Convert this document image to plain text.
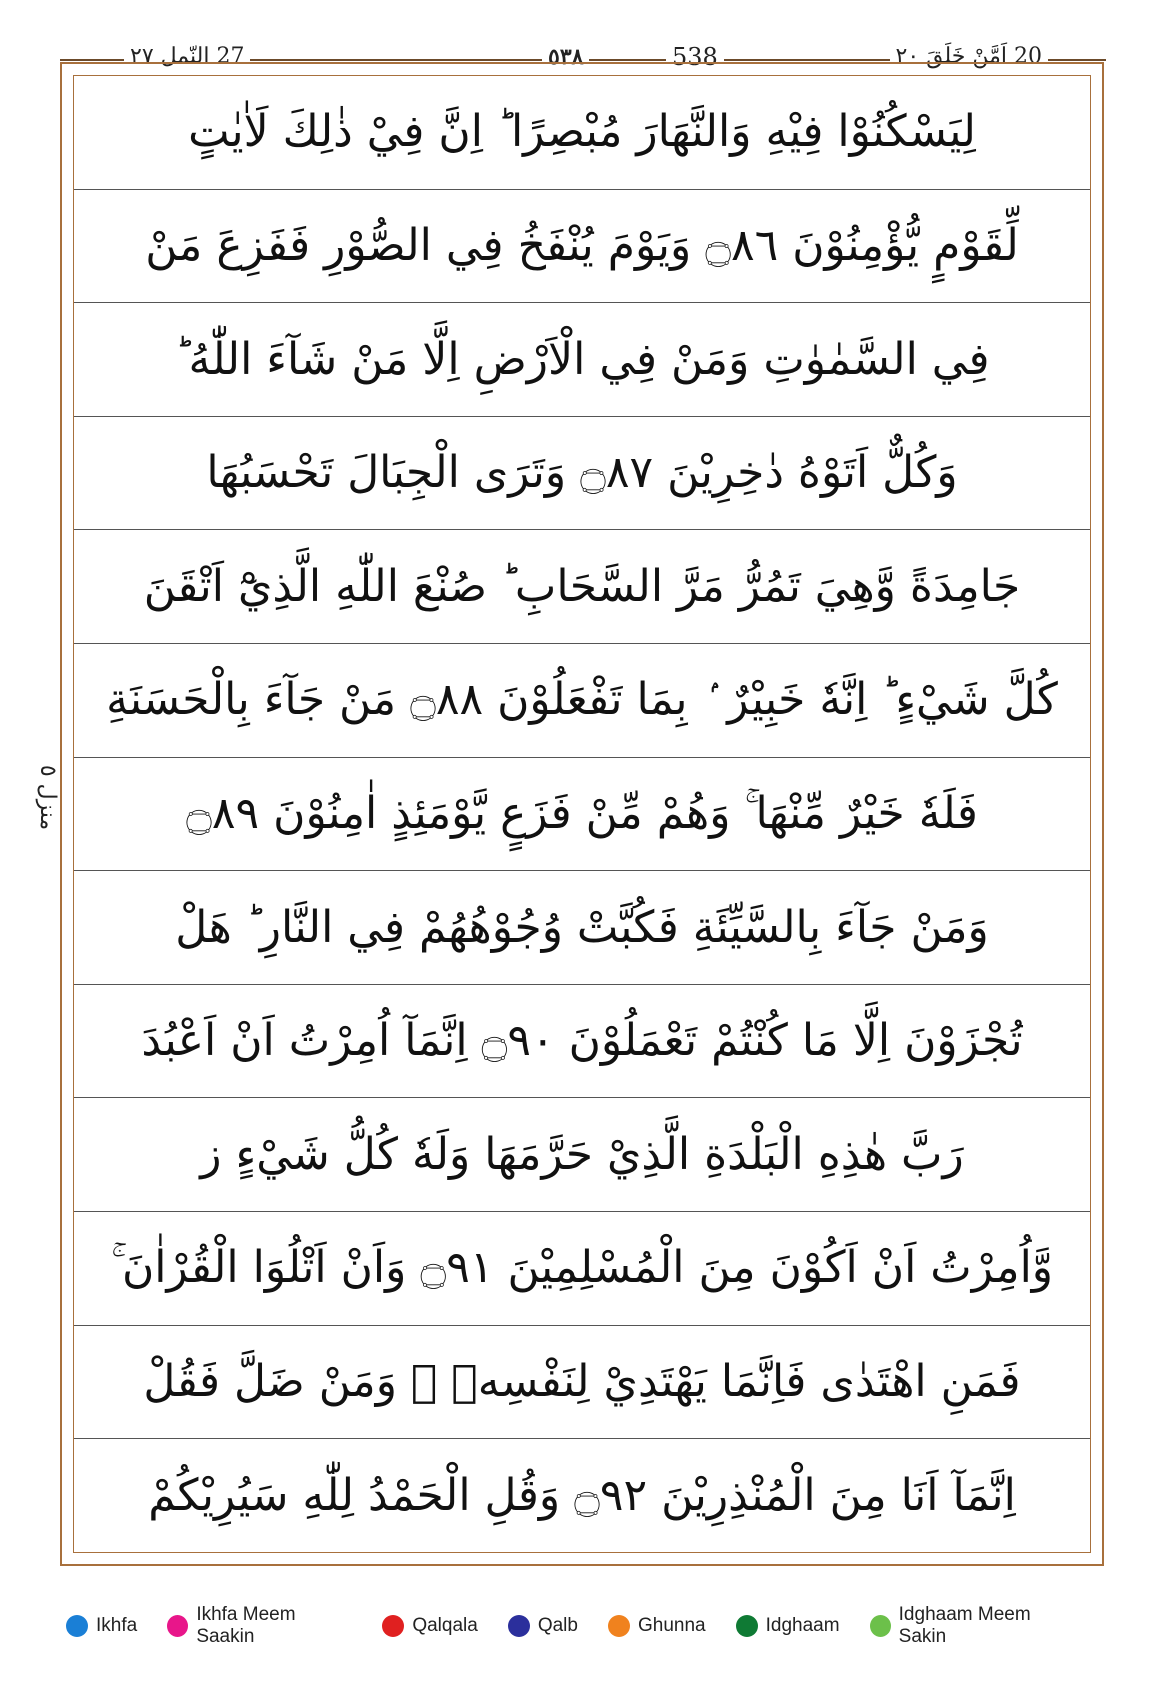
20 اَمَّنْ خَلَقَ ٢٠
٥٣٨	538
27 النّمل ٢٧
لِيَسْكُنُوْا فِيْهِ وَالنَّهَارَ مُبْصِرًا ؕ اِنَّ فِيْ ذٰلِكَ لَاٰيٰتٍ
لِّقَوْمٍ يُّؤْمِنُوْنَ ۝٨٦ وَيَوْمَ يُنْفَخُ فِي الصُّوْرِ فَفَزِعَ مَنْ
فِي السَّمٰوٰتِ وَمَنْ فِي الْاَرْضِ اِلَّا مَنْ شَآءَ اللّٰهُ ؕ
وَكُلٌّ اَتَوْهُ دٰخِرِيْنَ ۝٨٧ وَتَرَى الْجِبَالَ تَحْسَبُهَا
جَامِدَةً وَّهِيَ تَمُرُّ مَرَّ السَّحَابِ ؕ صُنْعَ اللّٰهِ الَّذِيْٓ اَتْقَنَ
كُلَّ شَيْءٍ ؕ اِنَّهٗ خَبِيْرٌ ۢ بِمَا تَفْعَلُوْنَ ۝٨٨ مَنْ جَآءَ بِالْحَسَنَةِ
فَلَهٗ خَيْرٌ مِّنْهَا ۚ وَهُمْ مِّنْ فَزَعٍ يَّوْمَئِذٍ اٰمِنُوْنَ ۝٨٩
وَمَنْ جَآءَ بِالسَّيِّئَةِ فَكُبَّتْ وُجُوْهُهُمْ فِي النَّارِ ؕ هَلْ
تُجْزَوْنَ اِلَّا مَا كُنْتُمْ تَعْمَلُوْنَ ۝٩٠ اِنَّمَآ اُمِرْتُ اَنْ اَعْبُدَ
رَبَّ هٰذِهِ الْبَلْدَةِ الَّذِيْ حَرَّمَهَا وَلَهٗ كُلُّ شَيْءٍ ز
وَّاُمِرْتُ اَنْ اَكُوْنَ مِنَ الْمُسْلِمِيْنَ ۝٩١ وَاَنْ اَتْلُوَا الْقُرْاٰنَ ۚ
فَمَنِ اهْتَدٰى فَاِنَّمَا يَهْتَدِيْ لِنَفْسِهٖ ۚ وَمَنْ ضَلَّ فَقُلْ
اِنَّمَآ اَنَا مِنَ الْمُنْذِرِيْنَ ۝٩٢ وَقُلِ الْحَمْدُ لِلّٰهِ سَيُرِيْكُمْ
منزل ٥
Ikhfa
Ikhfa Meem Saakin
Qalqala	Qalb	Ghunna	Idghaam
Idghaam Meem Sakin
